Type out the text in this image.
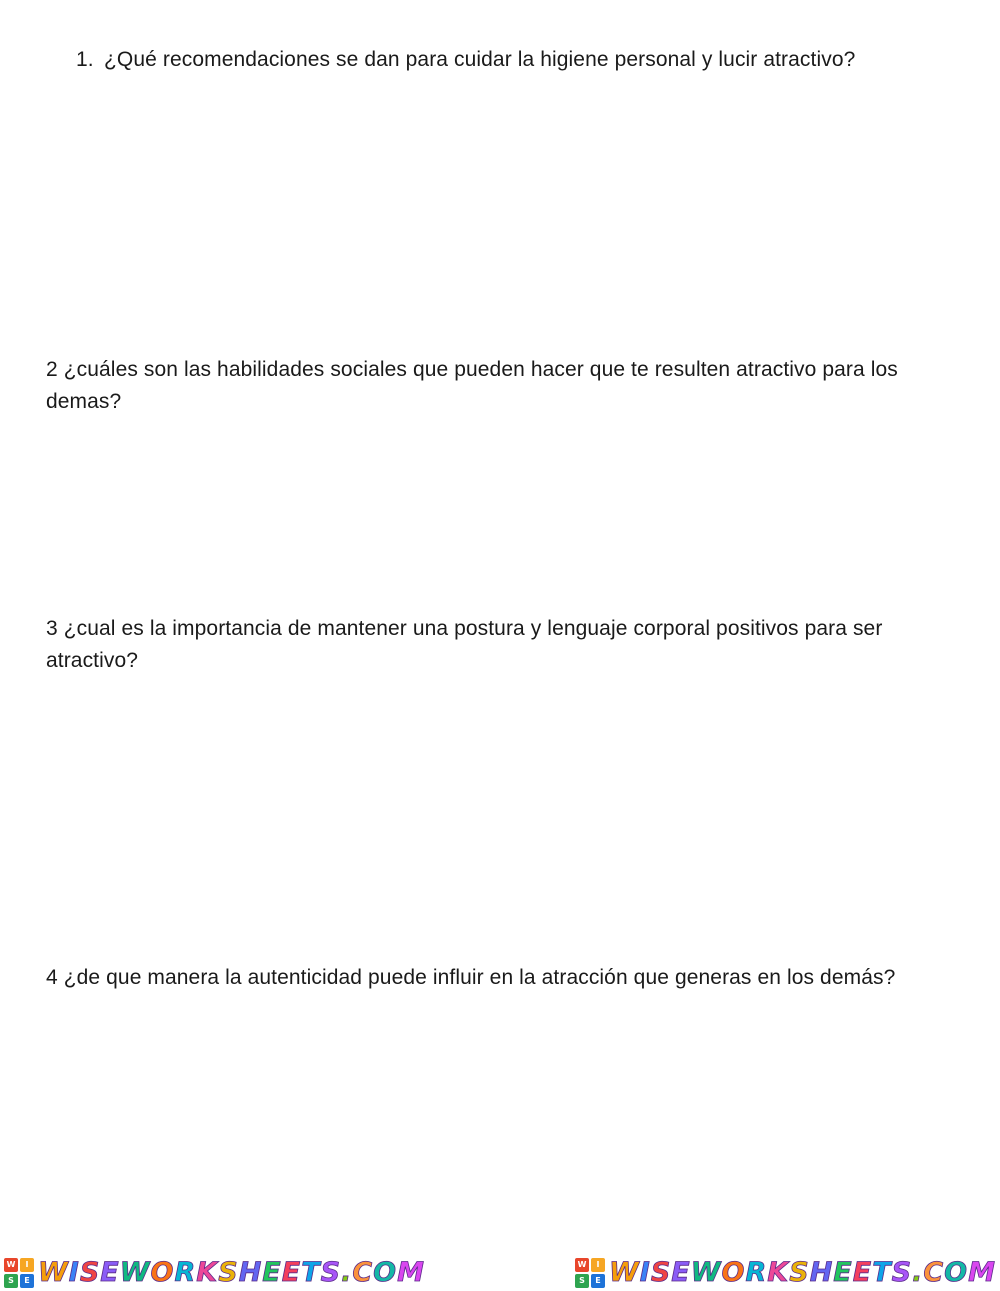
1. ¿Qué recomendaciones se dan para cuidar la higiene personal y lucir atractivo?
2 ¿cuáles son las habilidades sociales que pueden hacer que te resulten atractivo para los demas?
3 ¿cual es la importancia de mantener una postura y lenguaje corporal positivos para ser atractivo?
4 ¿de que manera la autenticidad puede influir en la atracción que generas en los demás?
W	I
S	E WISEWORKSHEETS.COM	W	I
S	E WISEWORKSHEETS.COM
